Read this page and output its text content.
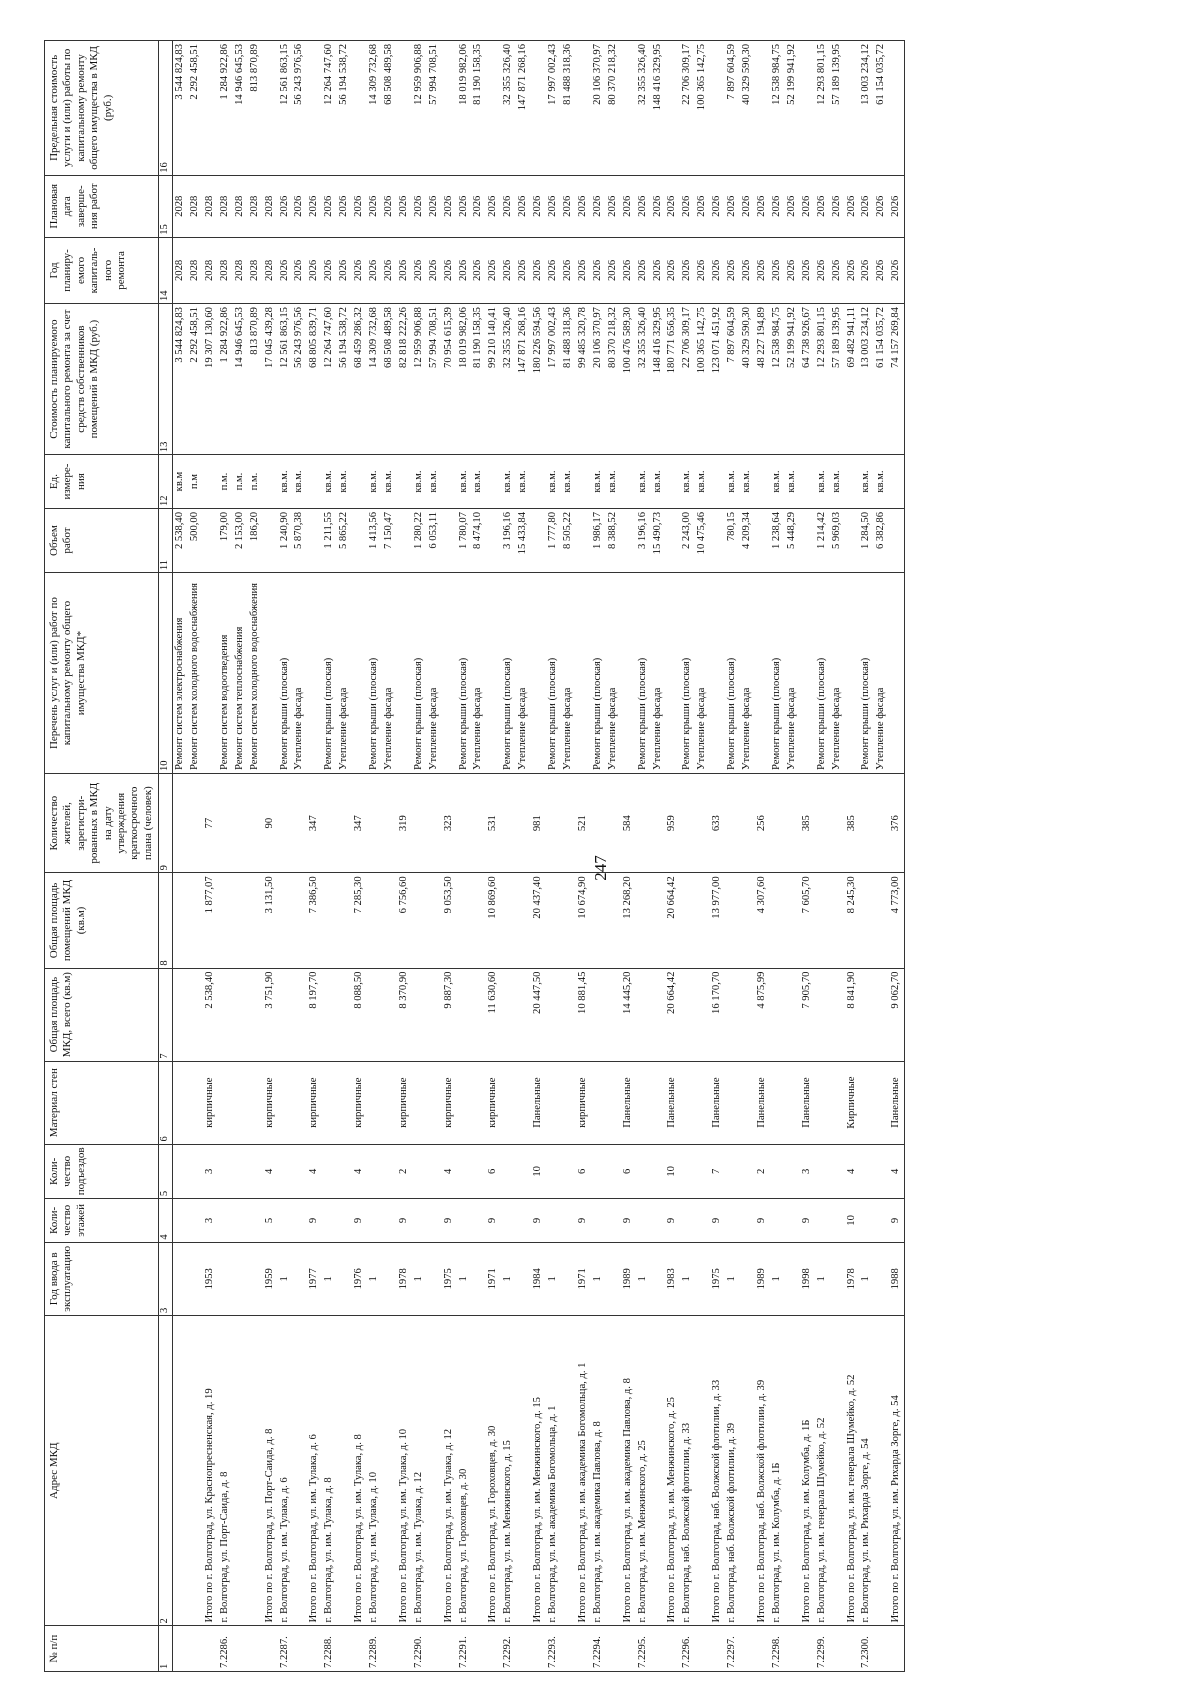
247
№ п/п	Адрес МКД	Год ввода в эксплуатацию	Коли-чество этажей	Коли-чество подъездов	Материал стен	Общая площадь МКД, всего (кв.м)	Общая площадь помещений МКД (кв.м)	Количество жителей, зарегистри-рованных в МКД на дату утверждения краткосрочного плана (человек)	Перечень услуг и (или) работ по капитальному ремонту общего имущества МКД*	Объем работ	Ед. измере-ния	Стоимость планируемого капитального ремонта за счет средств собственников помещений в МКД (руб.)	Год планиру-емого капиталь-ного ремонта	Плановая дата заверше-ния работ	Предельная стоимость услуги и (или) работы по капитальному ремонту общего имущества в МКД (руб.)
1	2	3	4	5	6	7	8	9	10	11	12	13	14	15	16
									Ремонт систем электроснабжения	2 538,40	кв.м	3 544 824,83	2028	2028	3 544 824,83
									Ремонт систем холодного водоснабжения	500,00	п.м	2 292 458,51	2028	2028	2 292 458,51
	Итого по г. Волгоград, ул. Краснопресненская, д. 19	1953	3	3	кирпичные	2 538,40	1 877,07	77				19 307 130,60	2028	2028	
7.2286.	г. Волгоград, ул. Порт-Саида, д. 8								Ремонт систем водоотведения	179,00	п.м.	1 284 922,86	2028	2028	1 284 922,86
									Ремонт систем теплоснабжения	2 153,00	п.м.	14 946 645,53	2028	2028	14 946 645,53
									Ремонт систем холодного водоснабжения	186,20	п.м.	813 870,89	2028	2028	813 870,89
	Итого по г. Волгоград, ул. Порт-Саида, д. 8	1959	5	4	кирпичные	3 751,90	3 131,50	90				17 045 439,28	2028	2028	
7.2287.	г. Волгоград, ул. им. Тулака, д. 6	1							Ремонт крыши (плоская)	1 240,90	кв.м.	12 561 863,15	2026	2026	12 561 863,15
									Утепление фасада	5 870,38	кв.м.	56 243 976,56	2026	2026	56 243 976,56
	Итого по г. Волгоград, ул. им. Тулака, д. 6	1977	9	4	кирпичные	8 197,70	7 386,50	347				68 805 839,71	2026	2026	
7.2288.	г. Волгоград, ул. им. Тулака, д. 8	1							Ремонт крыши (плоская)	1 211,55	кв.м.	12 264 747,60	2026	2026	12 264 747,60
									Утепление фасада	5 865,22	кв.м.	56 194 538,72	2026	2026	56 194 538,72
	Итого по г. Волгоград, ул. им. Тулака, д. 8	1976	9	4	кирпичные	8 088,50	7 285,30	347				68 459 286,32	2026	2026	
7.2289.	г. Волгоград, ул. им. Тулака, д. 10	1							Ремонт крыши (плоская)	1 413,56	кв.м.	14 309 732,68	2026	2026	14 309 732,68
									Утепление фасада	7 150,47	кв.м.	68 508 489,58	2026	2026	68 508 489,58
	Итого по г. Волгоград, ул. им. Тулака, д. 10	1978	9	2	кирпичные	8 370,90	6 756,60	319				82 818 222,26	2026	2026	
7.2290.	г. Волгоград, ул. им. Тулака, д. 12	1							Ремонт крыши (плоская)	1 280,22	кв.м.	12 959 906,88	2026	2026	12 959 906,88
									Утепление фасада	6 053,11	кв.м.	57 994 708,51	2026	2026	57 994 708,51
	Итого по г. Волгоград, ул. им. Тулака, д. 12	1975	9	4	кирпичные	9 887,30	9 053,50	323				70 954 615,39	2026	2026	
7.2291.	г. Волгоград, ул. Гороховцев, д. 30	1							Ремонт крыши (плоская)	1 780,07	кв.м.	18 019 982,06	2026	2026	18 019 982,06
									Утепление фасада	8 474,10	кв.м.	81 190 158,35	2026	2026	81 190 158,35
	Итого по г. Волгоград, ул. Гороховцев, д. 30	1971	9	6	кирпичные	11 630,60	10 869,60	531				99 210 140,41	2026	2026	
7.2292.	г. Волгоград, ул. им. Менжинского, д. 15	1							Ремонт крыши (плоская)	3 196,16	кв.м.	32 355 326,40	2026	2026	32 355 326,40
									Утепление фасада	15 433,84	кв.м.	147 871 268,16	2026	2026	147 871 268,16
	Итого по г. Волгоград, ул. им. Менжинского, д. 15	1984	9	10	Панельные	20 447,50	20 437,40	981				180 226 594,56	2026	2026	
7.2293.	г. Волгоград, ул. им. академика Богомольца, д. 1	1							Ремонт крыши (плоская)	1 777,80	кв.м.	17 997 002,43	2026	2026	17 997 002,43
									Утепление фасада	8 505,22	кв.м.	81 488 318,36	2026	2026	81 488 318,36
	Итого по г. Волгоград, ул. им. академика Богомольца, д. 1	1971	9	6	кирпичные	10 881,45	10 674,90	521				99 485 320,78	2026	2026	
7.2294.	г. Волгоград, ул. им. академика Павлова, д. 8	1							Ремонт крыши (плоская)	1 986,17	кв.м.	20 106 370,97	2026	2026	20 106 370,97
									Утепление фасада	8 388,52	кв.м.	80 370 218,32	2026	2026	80 370 218,32
	Итого по г. Волгоград, ул. им. академика Павлова, д. 8	1989	9	6	Панельные	14 445,20	13 268,20	584				100 476 589,30	2026	2026	
7.2295.	г. Волгоград, ул. им. Менжинского, д. 25	1							Ремонт крыши (плоская)	3 196,16	кв.м.	32 355 326,40	2026	2026	32 355 326,40
									Утепление фасада	15 490,73	кв.м.	148 416 329,95	2026	2026	148 416 329,95
	Итого по г. Волгоград, ул. им. Менжинского, д. 25	1983	9	10	Панельные	20 664,42	20 664,42	959				180 771 656,35	2026	2026	
7.2296.	г. Волгоград, наб. Волжской флотилии, д. 33	1							Ремонт крыши (плоская)	2 243,00	кв.м.	22 706 309,17	2026	2026	22 706 309,17
									Утепление фасада	10 475,46	кв.м.	100 365 142,75	2026	2026	100 365 142,75
	Итого по г. Волгоград, наб. Волжской флотилии, д. 33	1975	9	7	Панельные	16 170,70	13 977,00	633				123 071 451,92	2026	2026	
7.2297.	г. Волгоград, наб. Волжской флотилии, д. 39	1							Ремонт крыши (плоская)	780,15	кв.м.	7 897 604,59	2026	2026	7 897 604,59
									Утепление фасада	4 209,34	кв.м.	40 329 590,30	2026	2026	40 329 590,30
	Итого по г. Волгоград, наб. Волжской флотилии, д. 39	1989	9	2	Панельные	4 875,99	4 307,60	256				48 227 194,89	2026	2026	
7.2298.	г. Волгоград, ул. им. Колумба, д. 1Б	1							Ремонт крыши (плоская)	1 238,64	кв.м.	12 538 984,75	2026	2026	12 538 984,75
									Утепление фасада	5 448,29	кв.м.	52 199 941,92	2026	2026	52 199 941,92
	Итого по г. Волгоград, ул. им. Колумба, д. 1Б	1998	9	3	Панельные	7 905,70	7 605,70	385				64 738 926,67	2026	2026	
7.2299.	г. Волгоград, ул. им. генерала Шумейко, д. 52	1							Ремонт крыши (плоская)	1 214,42	кв.м.	12 293 801,15	2026	2026	12 293 801,15
									Утепление фасада	5 969,03	кв.м.	57 189 139,95	2026	2026	57 189 139,95
	Итого по г. Волгоград, ул. им. генерала Шумейко, д. 52	1978	10	4	Кирпичные	8 841,90	8 245,30	385				69 482 941,11	2026	2026	
7.2300.	г. Волгоград, ул. им. Рихарда Зорге, д. 54	1							Ремонт крыши (плоская)	1 284,50	кв.м.	13 003 234,12	2026	2026	13 003 234,12
									Утепление фасада	6 382,86	кв.м.	61 154 035,72	2026	2026	61 154 035,72
	Итого по г. Волгоград, ул. им. Рихарда Зорге, д. 54	1988	9	4	Панельные	9 062,70	4 773,00	376				74 157 269,84	2026	2026	
